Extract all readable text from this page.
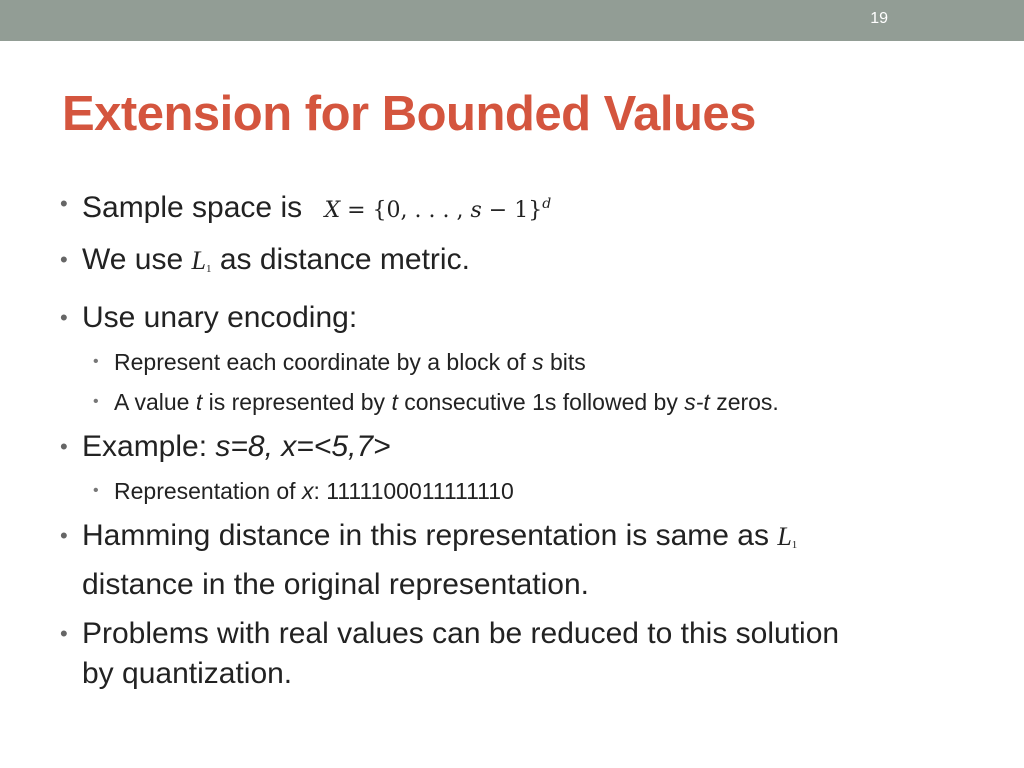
19
Extension for Bounded Values
• Sample space is X = {0, . . . , s − 1}$^d$
• We use $L_1$ as distance metric.
• Use unary encoding:
• Represent each coordinate by a block of s bits
• A value t is represented by t consecutive 1s followed by s-t zeros.
• Example: s=8, x=<5,7>
• Representation of x: 1111100011111110
• Hamming distance in this representation is same as $L_1$
distance in the original representation.
• Problems with real values can be reduced to this solution
by quantization.
